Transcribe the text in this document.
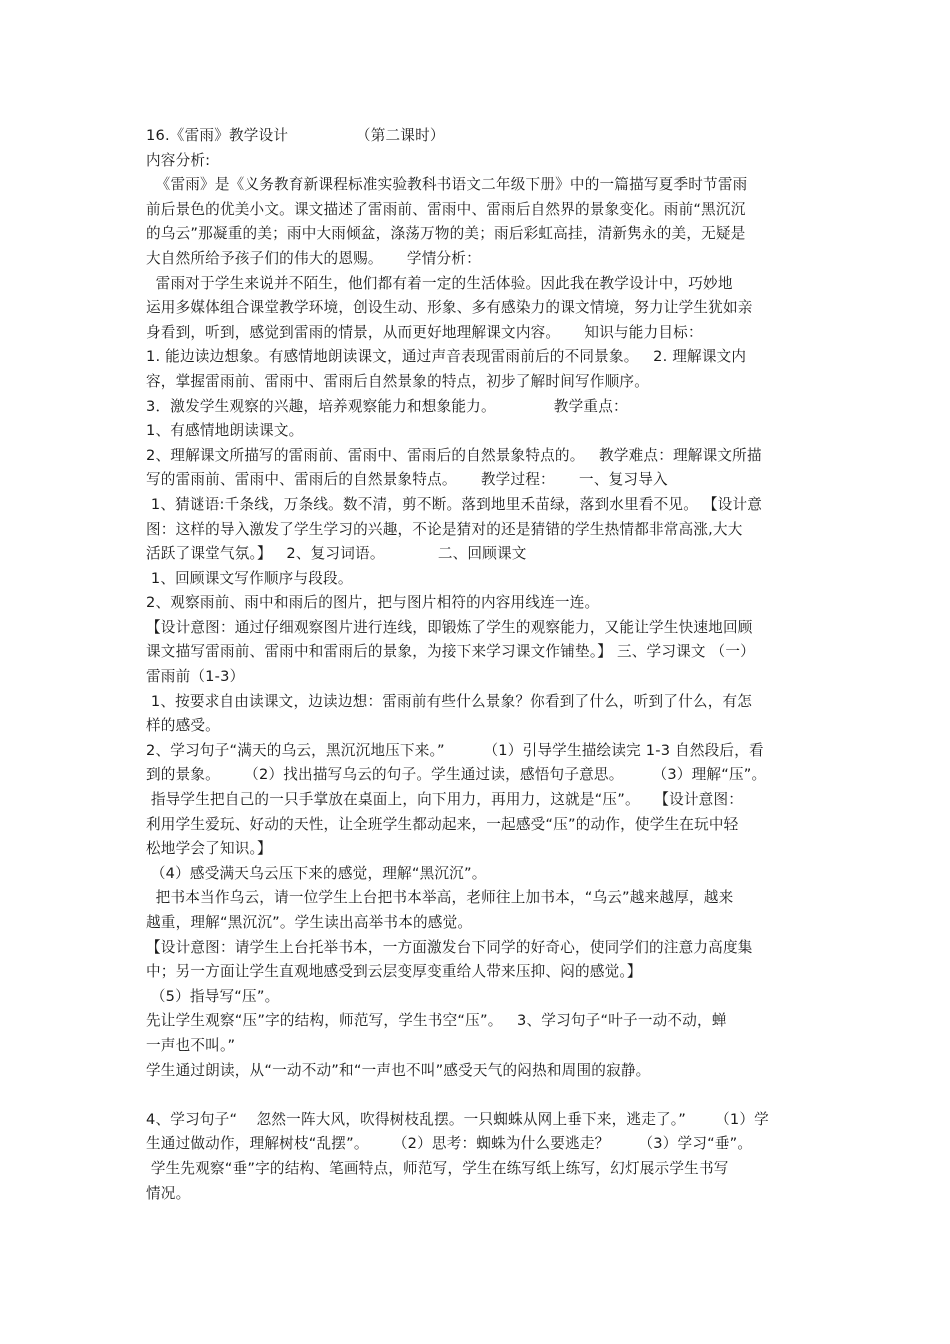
16.《雷雨》教学设计              （第二课时）
内容分析:
《雷雨》是《义务教育新课程标准实验教科书语文二年级下册》中的一篇描写夏季时节雷雨
前后景色的优美小文。课文描述了雷雨前、雷雨中、雷雨后自然界的景象变化。雨前“黑沉沉
的乌云”那凝重的美；雨中大雨倾盆，涤荡万物的美；雨后彩虹高挂，清新隽永的美，无疑是
大自然所给予孩子们的伟大的恩赐。     学情分析：
雷雨对于学生来说并不陌生，他们都有着一定的生活体验。因此我在教学设计中，巧妙地
运用多媒体组合课堂教学环境，创设生动、形象、多有感染力的课文情境，努力让学生犹如亲
身看到，听到，感觉到雷雨的情景，从而更好地理解课文内容。     知识与能力目标：
1. 能边读边想象。有感情地朗读课文，通过声音表现雷雨前后的不同景象。   2. 理解课文内
容，掌握雷雨前、雷雨中、雷雨后自然景象的特点，初步了解时间写作顺序。
3．激发学生观察的兴趣，培养观察能力和想象能力。            教学重点：
1、有感情地朗读课文。
2、理解课文所描写的雷雨前、雷雨中、雷雨后的自然景象特点的。   教学难点：理解课文所描
写的雷雨前、雷雨中、雷雨后的自然景象特点。     教学过程：     一、复习导入
1、猜谜语:千条线，万条线。数不清，剪不断。落到地里禾苗绿，落到水里看不见。 【设计意
图：这样的导入激发了学生学习的兴趣，不论是猜对的还是猜错的学生热情都非常高涨,大大
活跃了课堂气氛。】   2、复习词语。           二、回顾课文
1、回顾课文写作顺序与段段。
2、观察雨前、雨中和雨后的图片，把与图片相符的内容用线连一连。
【设计意图：通过仔细观察图片进行连线，即锻炼了学生的观察能力，又能让学生快速地回顾
课文描写雷雨前、雷雨中和雷雨后的景象，为接下来学习课文作铺垫。】 三、学习课文 （一）
雷雨前（1-3）
1、按要求自由读课文，边读边想：雷雨前有些什么景象？你看到了什么，听到了什么，有怎
样的感受。
2、学习句子“满天的乌云，黑沉沉地压下来。”        （1）引导学生描绘读完 1-3 自然段后，看
到的景象。     （2）找出描写乌云的句子。学生通过读，感悟句子意思。      （3）理解“压”。
指导学生把自己的一只手掌放在桌面上，向下用力，再用力，这就是“压”。   【设计意图：
利用学生爱玩、好动的天性，让全班学生都动起来，一起感受“压”的动作，使学生在玩中轻
松地学会了知识。】
（4）感受满天乌云压下来的感觉，理解“黑沉沉”。
把书本当作乌云，请一位学生上台把书本举高，老师往上加书本，“乌云”越来越厚，越来
越重，理解“黑沉沉”。学生读出高举书本的感觉。
【设计意图：请学生上台托举书本，一方面激发台下同学的好奇心，使同学们的注意力高度集
中；另一方面让学生直观地感受到云层变厚变重给人带来压抑、闷的感觉。】
（5）指导写“压”。
先让学生观察“压”字的结构，师范写，学生书空“压”。   3、学习句子“叶子一动不动，蝉
一声也不叫。”
学生通过朗读，从“一动不动”和“一声也不叫”感受天气的闷热和周围的寂静。
4、学习句子“    忽然一阵大风，吹得树枝乱摆。一只蜘蛛从网上垂下来，逃走了。”      （1）学
生通过做动作，理解树枝“乱摆”。     （2）思考：蜘蛛为什么要逃走？      （3）学习“垂”。
学生先观察“垂”字的结构、笔画特点，师范写，学生在练写纸上练写，幻灯展示学生书写
情况。
